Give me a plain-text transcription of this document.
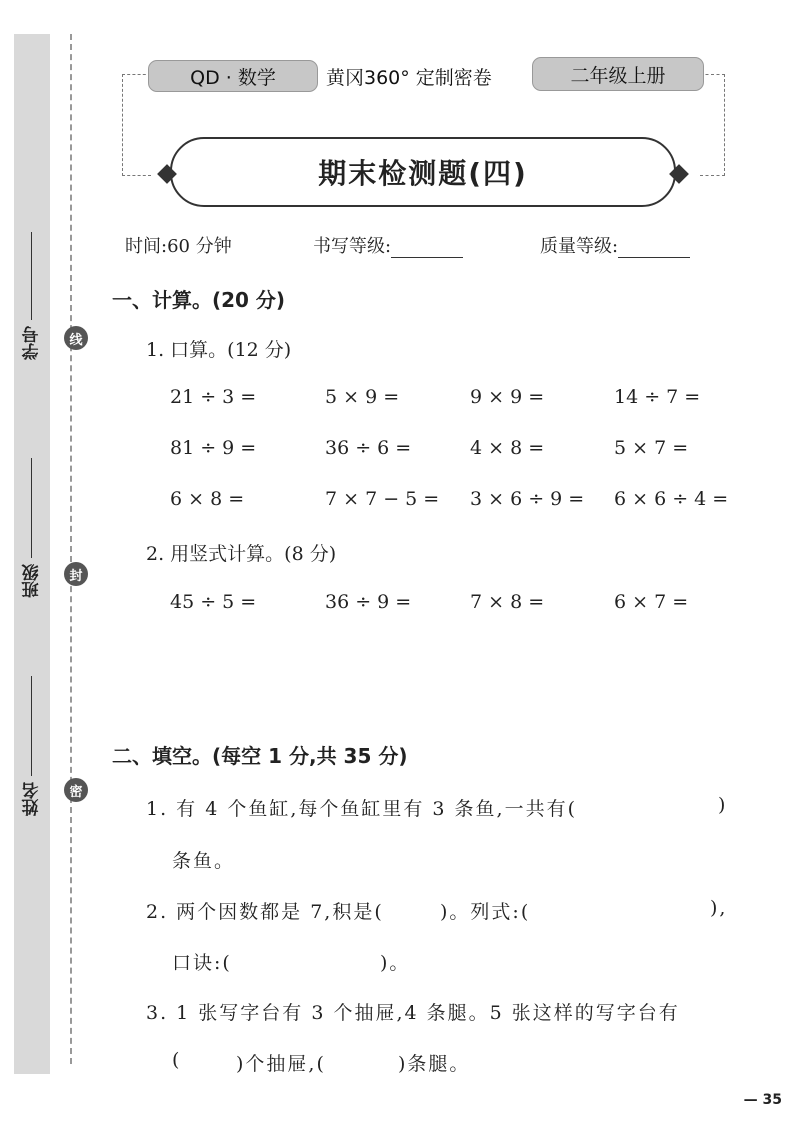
学号
班级
姓名
线
封
密
QD · 数学	黄冈360° 定制密卷	二年级上册
期末检测题(四)
时间:60 分钟	书写等级:	质量等级:
一、计算。(20 分)
1. 口算。(12 分)
21 ÷ 3 =	5 × 9 =	9 × 9 =	14 ÷ 7 =
81 ÷ 9 =	36 ÷ 6 =	4 × 8 =	5 × 7 =
6 × 8 =	7 × 7 − 5 = 3 × 6 ÷ 9 = 6 × 6 ÷ 4 =
2. 用竖式计算。(8 分)
45 ÷ 5 =	36 ÷ 9 =	7 × 8 =	6 × 7 =
二、填空。(每空 1 分,共 35 分)
1. 有 4 个鱼缸,每个鱼缸里有 3 条鱼,一共有(	)
条鱼。
2. 两个因数都是 7,积是(	)。列式:(	),
口诀:(	)。
3. 1 张写字台有 3 个抽屉,4 条腿。5 张这样的写字台有
(	)个抽屉,(	)条腿。
— 35
